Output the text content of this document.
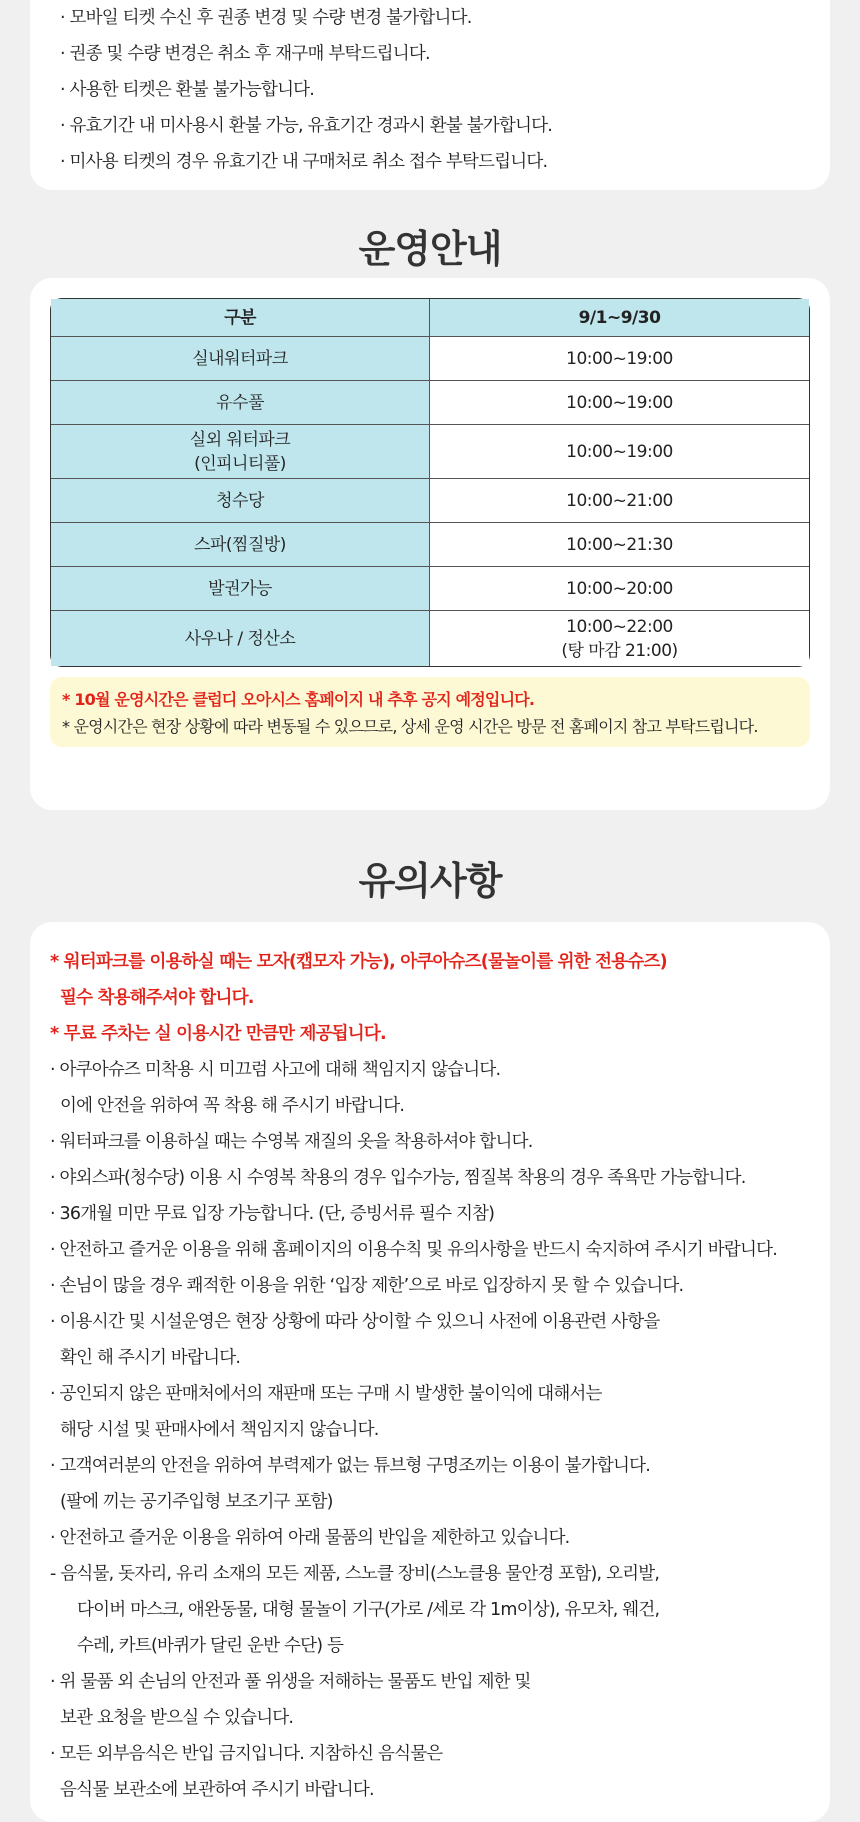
· 모바일 티켓 수신 후 권종 변경 및 수량 변경 불가합니다.

· 권종 및 수량 변경은 취소 후 재구매 부탁드립니다.

· 사용한 티켓은 환불 불가능합니다.

· 유효기간 내 미사용시 환불 가능, 유효기간 경과시 환불 불가합니다.

· 미사용 티켓의 경우 유효기간 내 구매처로 취소 접수 부탁드립니다.

운영안내
구분	9/1~9/30
실내워터파크	10:00~19:00
유수풀	10:00~19:00

실외 워터파크
(인피니티풀)	10:00~19:00
청수당	10:00~21:00
스파(찜질방)	10:00~21:30
발권가능	10:00~20:00
사우나 / 정산소	10:00~22:00
(탕 마감 21:00)

* 10월 운영시간은 클럽디 오아시스 홈페이지 내 추후 공지 예정입니다.

* 운영시간은 현장 상황에 따라 변동될 수 있으므로, 상세 운영 시간은 방문 전 홈페이지 참고 부탁드립니다.

유의사항

* 워터파크를 이용하실 때는 모자(캡모자 가능), 아쿠아슈즈(물놀이를 위한 전용슈즈)

필수 착용해주셔야 합니다.

* 무료 주차는 실 이용시간 만큼만 제공됩니다.

· 아쿠아슈즈 미착용 시 미끄럼 사고에 대해 책임지지 않습니다.

이에 안전을 위하여 꼭 착용 해 주시기 바랍니다.

· 워터파크를 이용하실 때는 수영복 재질의 옷을 착용하셔야 합니다.

· 야외스파(청수당) 이용 시 수영복 착용의 경우 입수가능, 찜질복 착용의 경우 족욕만 가능합니다.

· 36개월 미만 무료 입장 가능합니다. (단, 증빙서류 필수 지참)

· 안전하고 즐거운 이용을 위해 홈페이지의 이용수칙 및 유의사항을 반드시 숙지하여 주시기 바랍니다.

· 손님이 많을 경우 쾌적한 이용을 위한 ‘입장 제한’으로 바로 입장하지 못 할 수 있습니다.

· 이용시간 및 시설운영은 현장 상황에 따라 상이할 수 있으니 사전에 이용관련 사항을

확인 해 주시기 바랍니다.

· 공인되지 않은 판매처에서의 재판매 또는 구매 시 발생한 불이익에 대해서는

해당 시설 및 판매사에서 책임지지 않습니다.

· 고객여러분의 안전을 위하여 부력제가 없는 튜브형 구명조끼는 이용이 불가합니다.

(팔에 끼는 공기주입형 보조기구 포함)

· 안전하고 즐거운 이용을 위하여 아래 물품의 반입을 제한하고 있습니다.

- 음식물, 돗자리, 유리 소재의 모든 제품, 스노클 장비(스노클용 물안경 포함), 오리발,

다이버 마스크, 애완동물, 대형 물놀이 기구(가로 /세로 각 1m이상), 유모차, 웨건,

수레, 카트(바퀴가 달린 운반 수단) 등

· 위 물품 외 손님의 안전과 풀 위생을 저해하는 물품도 반입 제한 및

보관 요청을 받으실 수 있습니다.

· 모든 외부음식은 반입 금지입니다. 지참하신 음식물은

음식물 보관소에 보관하여 주시기 바랍니다.
